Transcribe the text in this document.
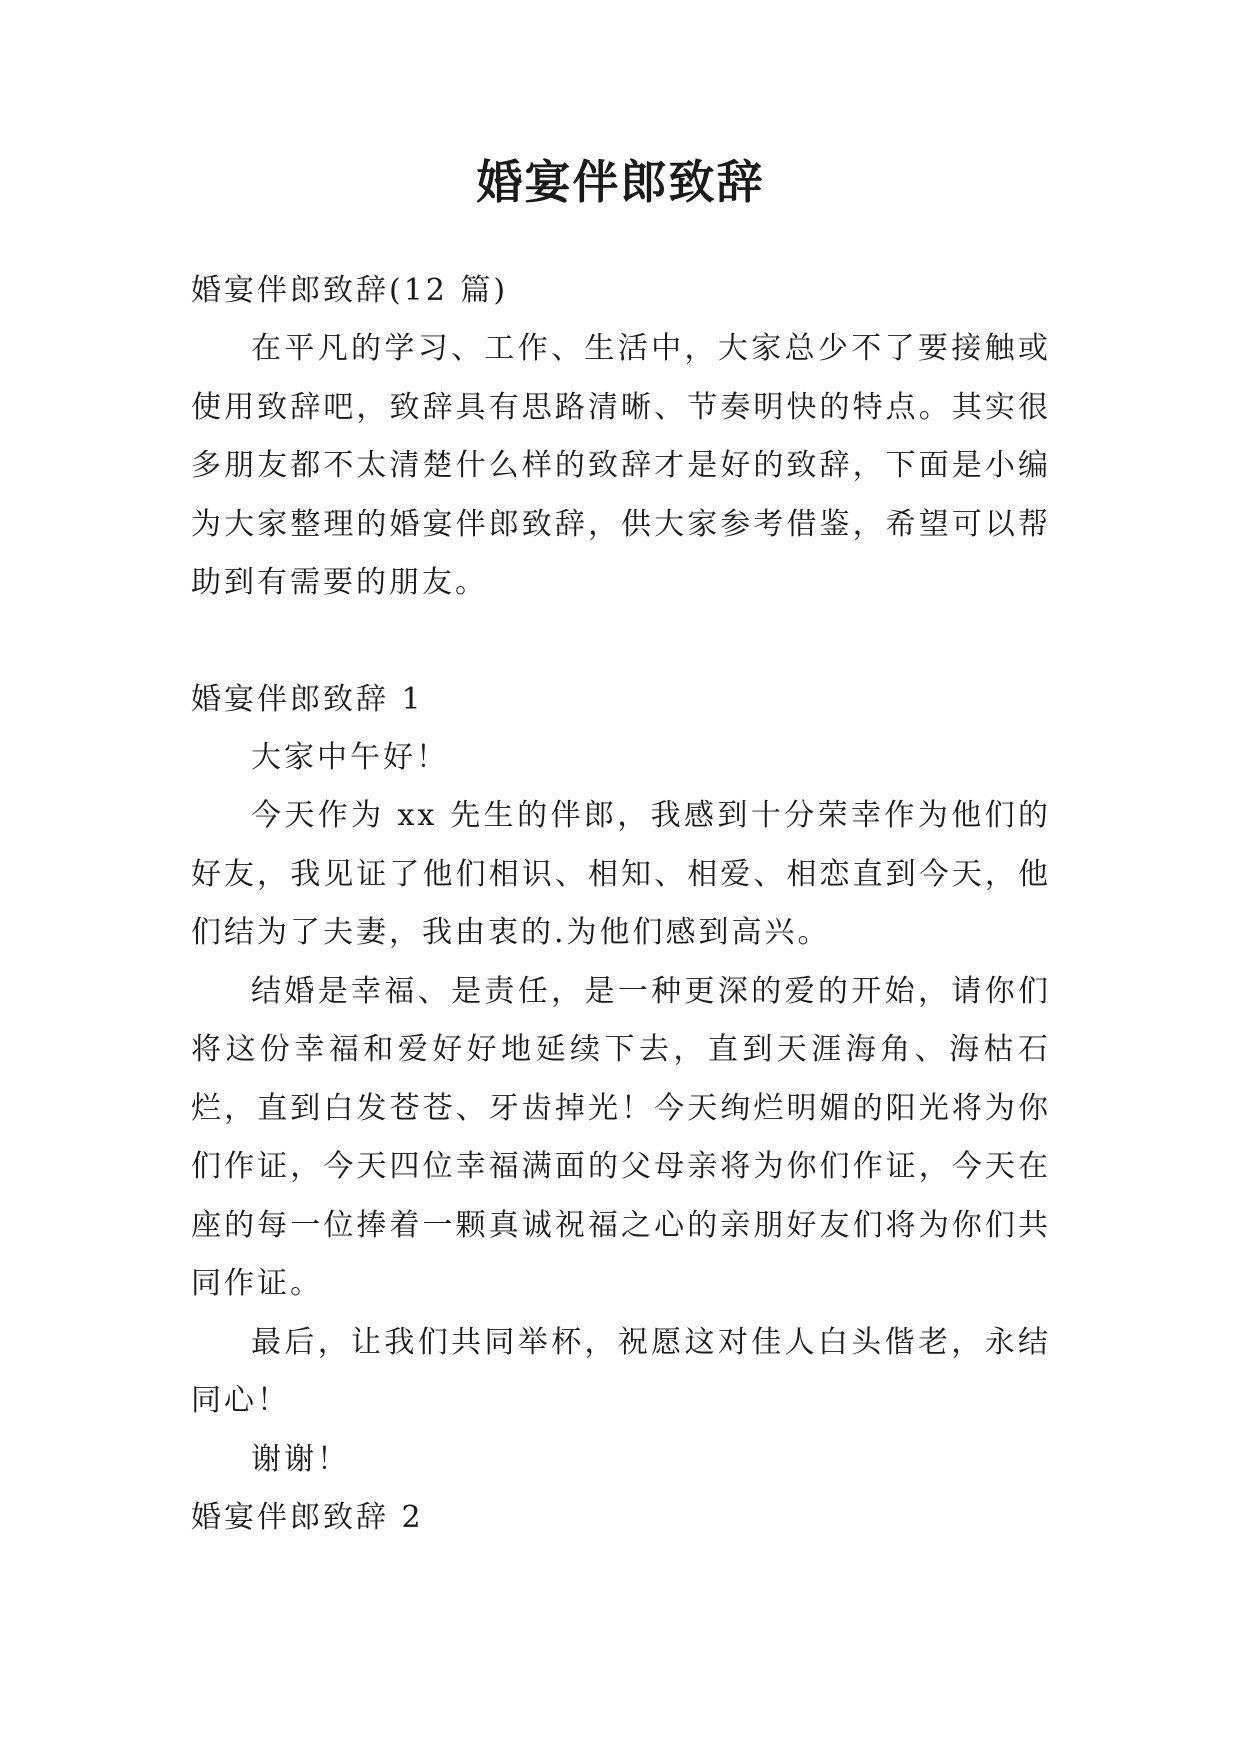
婚宴伴郎致辞

婚宴伴郎致辞(12 篇)

在平凡的学习、工作、生活中，大家总少不了要接触或使用致辞吧，致辞具有思路清晰、节奏明快的特点。其实很多朋友都不太清楚什么样的致辞才是好的致辞，下面是小编为大家整理的婚宴伴郎致辞，供大家参考借鉴，希望可以帮助到有需要的朋友。

婚宴伴郎致辞 1

大家中午好！

今天作为 xx 先生的伴郎，我感到十分荣幸作为他们的好友，我见证了他们相识、相知、相爱、相恋直到今天，他们结为了夫妻，我由衷的.为他们感到高兴。

结婚是幸福、是责任，是一种更深的爱的开始，请你们将这份幸福和爱好好地延续下去，直到天涯海角、海枯石烂，直到白发苍苍、牙齿掉光！今天绚烂明媚的阳光将为你们作证，今天四位幸福满面的父母亲将为你们作证，今天在座的每一位捧着一颗真诚祝福之心的亲朋好友们将为你们共同作证。

最后，让我们共同举杯，祝愿这对佳人白头偕老，永结同心！

谢谢！

婚宴伴郎致辞 2
